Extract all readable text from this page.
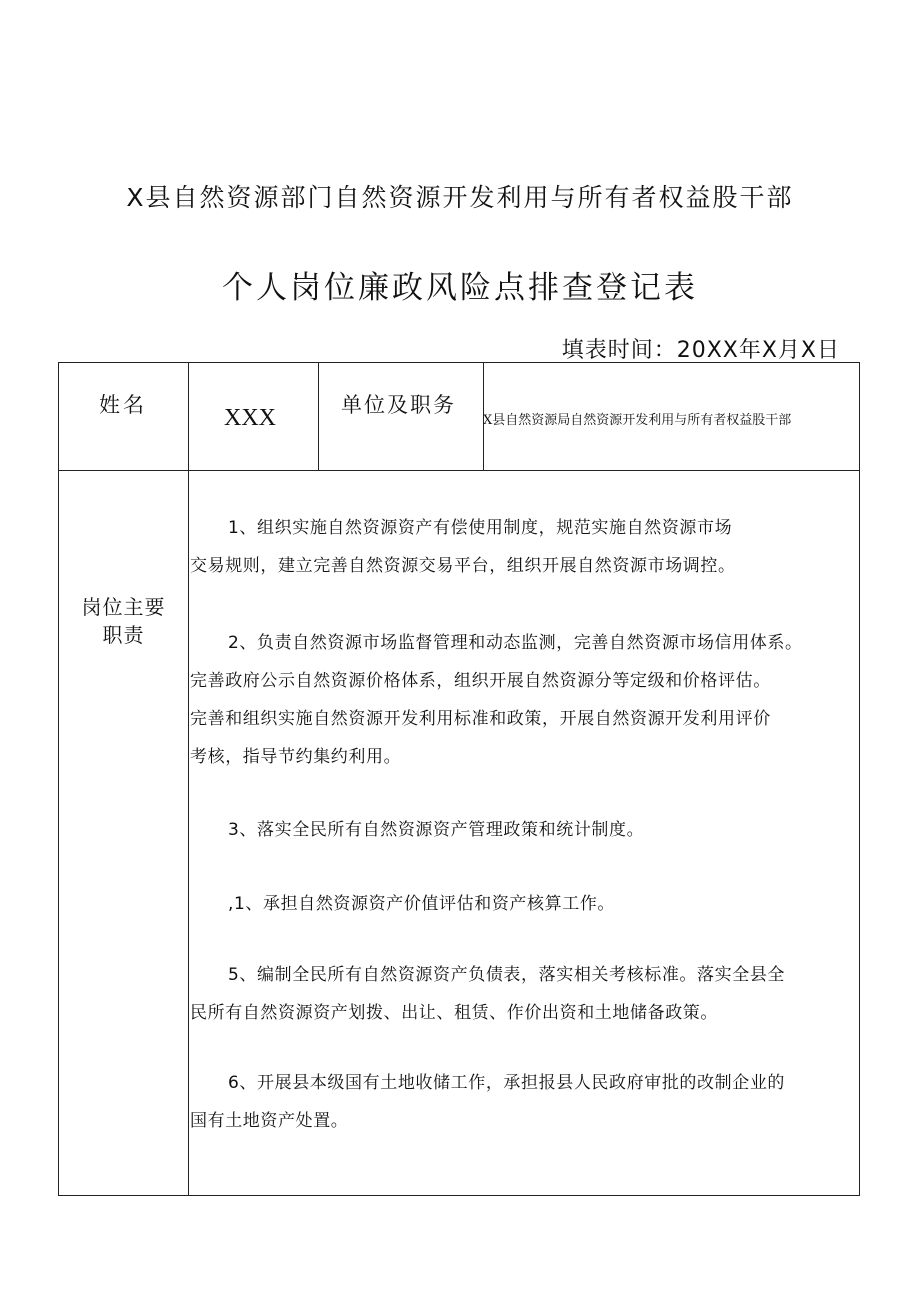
X县自然资源部门自然资源开发利用与所有者权益股干部
个人岗位廉政风险点排查登记表
填表时间：20XX年X月X日
姓名	XXX	单位及职务
X县自然资源局自然资源开发利用与所有者权益股干部
岗位主要
职责

1、组织实施自然资源资产有偿使用制度，规范实施自然资源市场

交易规则，建立完善自然资源交易平台，组织开展自然资源市场调控。

2、负责自然资源市场监督管理和动态监测，完善自然资源市场信用体系。

完善政府公示自然资源价格体系，组织开展自然资源分等定级和价格评估。

完善和组织实施自然资源开发利用标准和政策，开展自然资源开发利用评价

考核，指导节约集约利用。

3、落实全民所有自然资源资产管理政策和统计制度。

,1、承担自然资源资产价值评估和资产核算工作。

5、编制全民所有自然资源资产负债表，落实相关考核标准。落实全县全

民所有自然资源资产划拨、出让、租赁、作价出资和土地储备政策。

6、开展县本级国有土地收储工作，承担报县人民政府审批的改制企业的

国有土地资产处置。
